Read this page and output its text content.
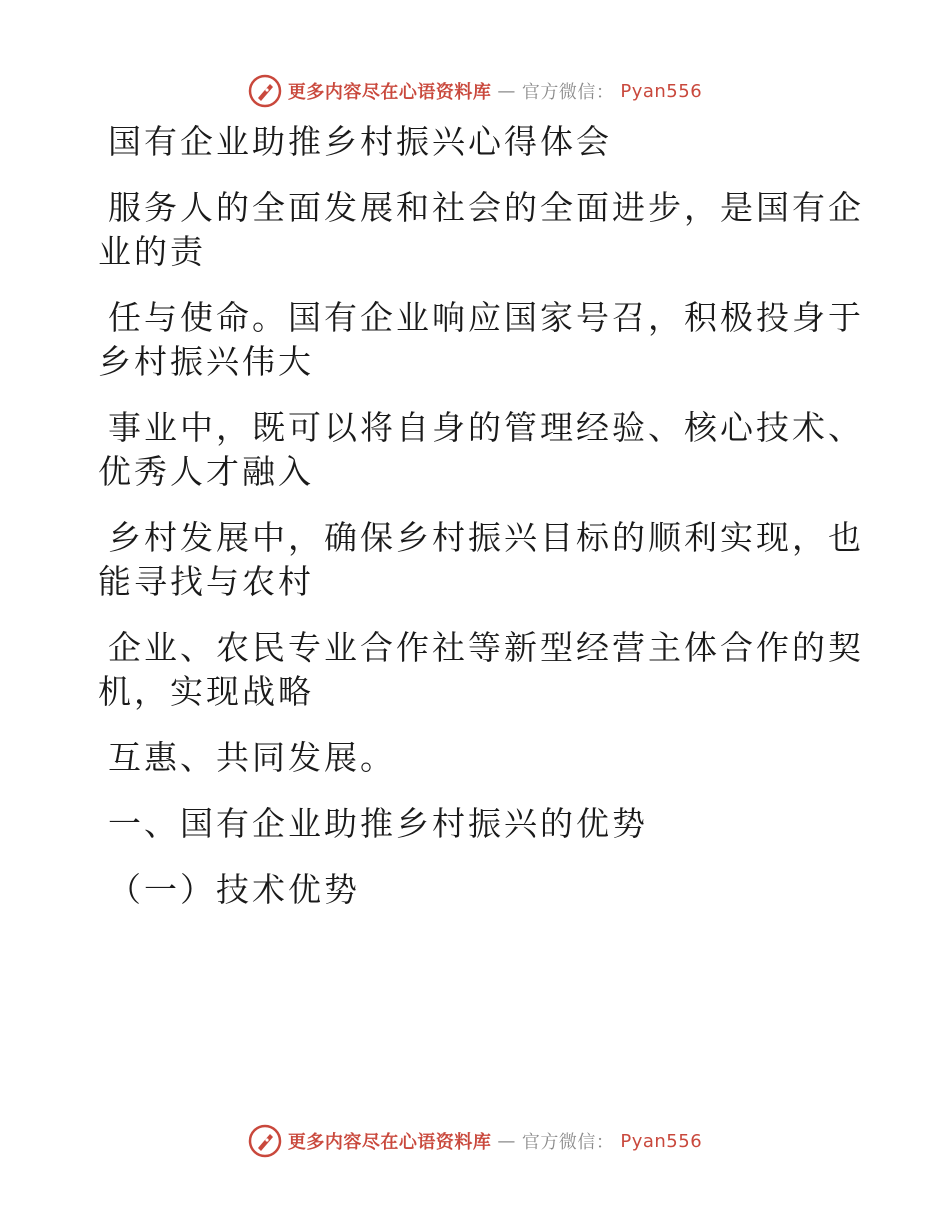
更多内容尽在心语资料库 — 官方微信： Pyan556
国有企业助推乡村振兴心得体会
服务人的全面发展和社会的全面进步，是国有企
业的责
任与使命。国有企业响应国家号召，积极投身于
乡村振兴伟大
事业中，既可以将自身的管理经验、核心技术、
优秀人才融入
乡村发展中，确保乡村振兴目标的顺利实现，也
能寻找与农村
企业、农民专业合作社等新型经营主体合作的契
机，实现战略
互惠、共同发展。
一、国有企业助推乡村振兴的优势
（一）技术优势
更多内容尽在心语资料库 — 官方微信： Pyan556
